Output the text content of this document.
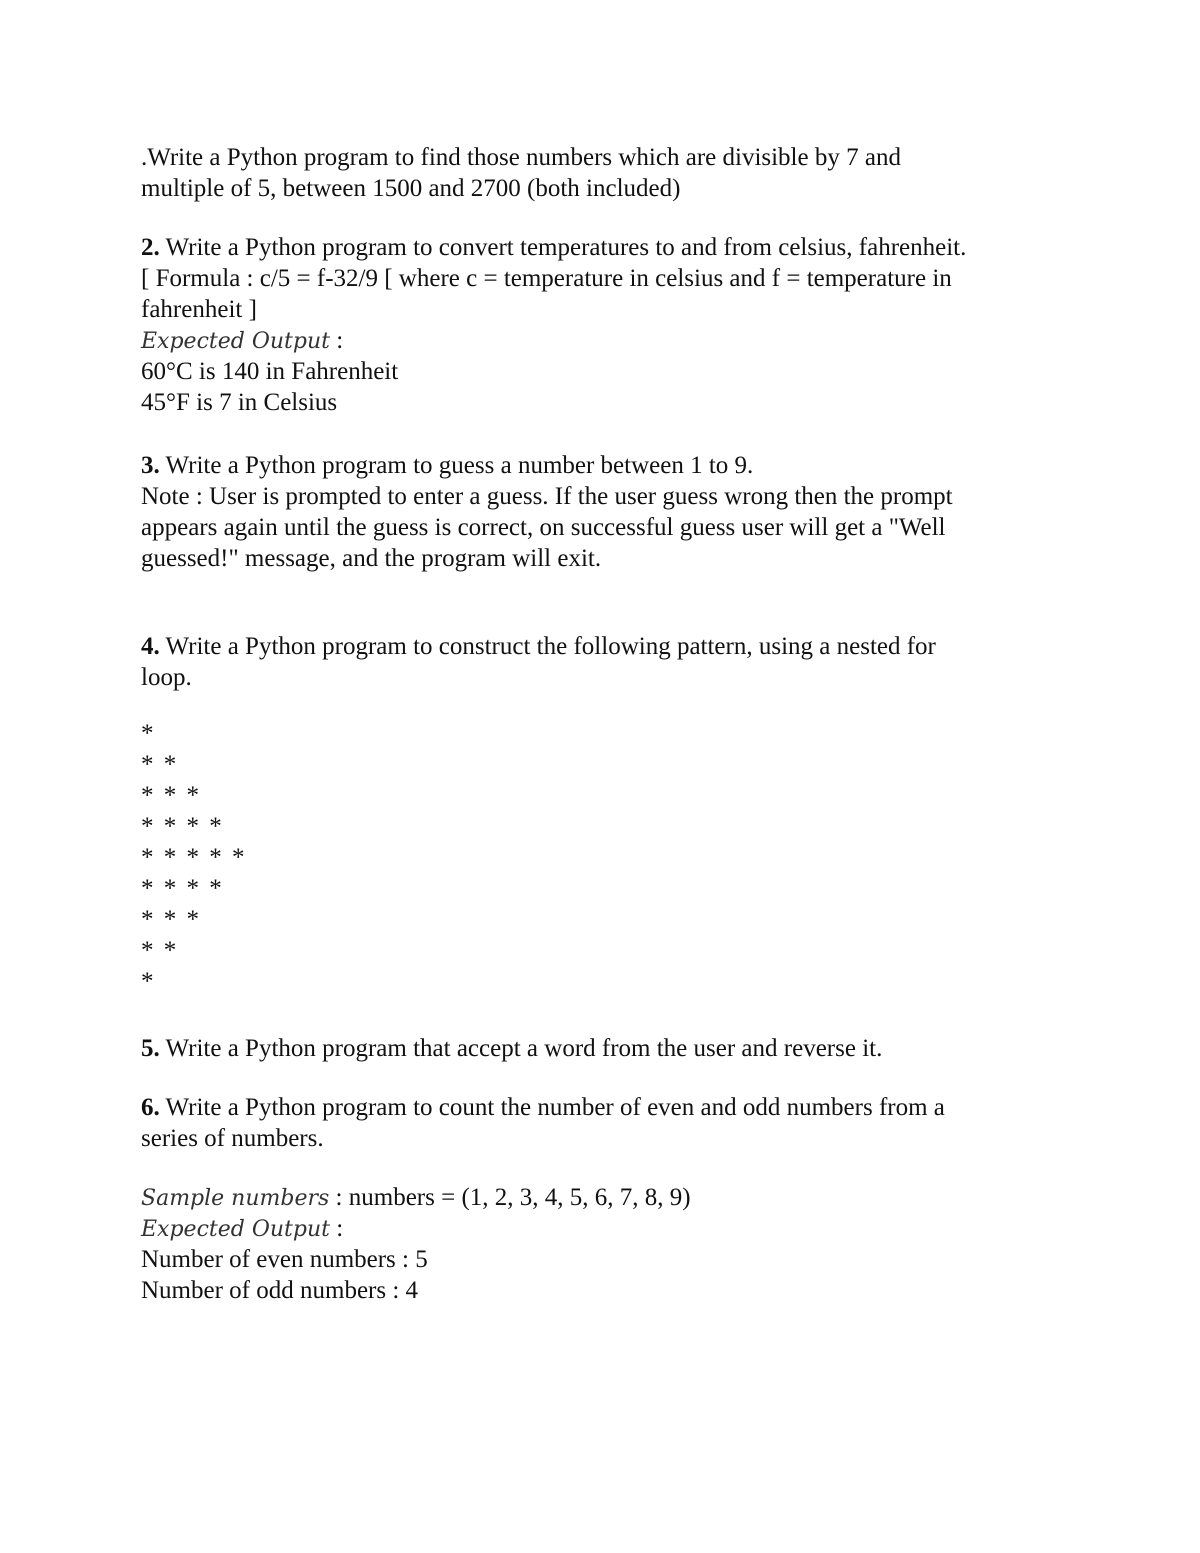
.Write a Python program to find those numbers which are divisible by 7 and
multiple of 5, between 1500 and 2700 (both included)
2. Write a Python program to convert temperatures to and from celsius, fahrenheit.
[ Formula : c/5 = f-32/9 [ where c = temperature in celsius and f = temperature in
fahrenheit ]
Expected Output :
60°C is 140 in Fahrenheit
45°F is 7 in Celsius
3. Write a Python program to guess a number between 1 to 9.
Note : User is prompted to enter a guess. If the user guess wrong then the prompt
appears again until the guess is correct, on successful guess user will get a "Well
guessed!" message, and the program will exit.
4. Write a Python program to construct the following pattern, using a nested for
loop.
*
* *
* * *
* * * *
* * * * *
* * * *
* * *
* *
*
5. Write a Python program that accept a word from the user and reverse it.
6. Write a Python program to count the number of even and odd numbers from a
series of numbers.
Sample numbers : numbers = (1, 2, 3, 4, 5, 6, 7, 8, 9)
Expected Output :
Number of even numbers : 5
Number of odd numbers : 4
